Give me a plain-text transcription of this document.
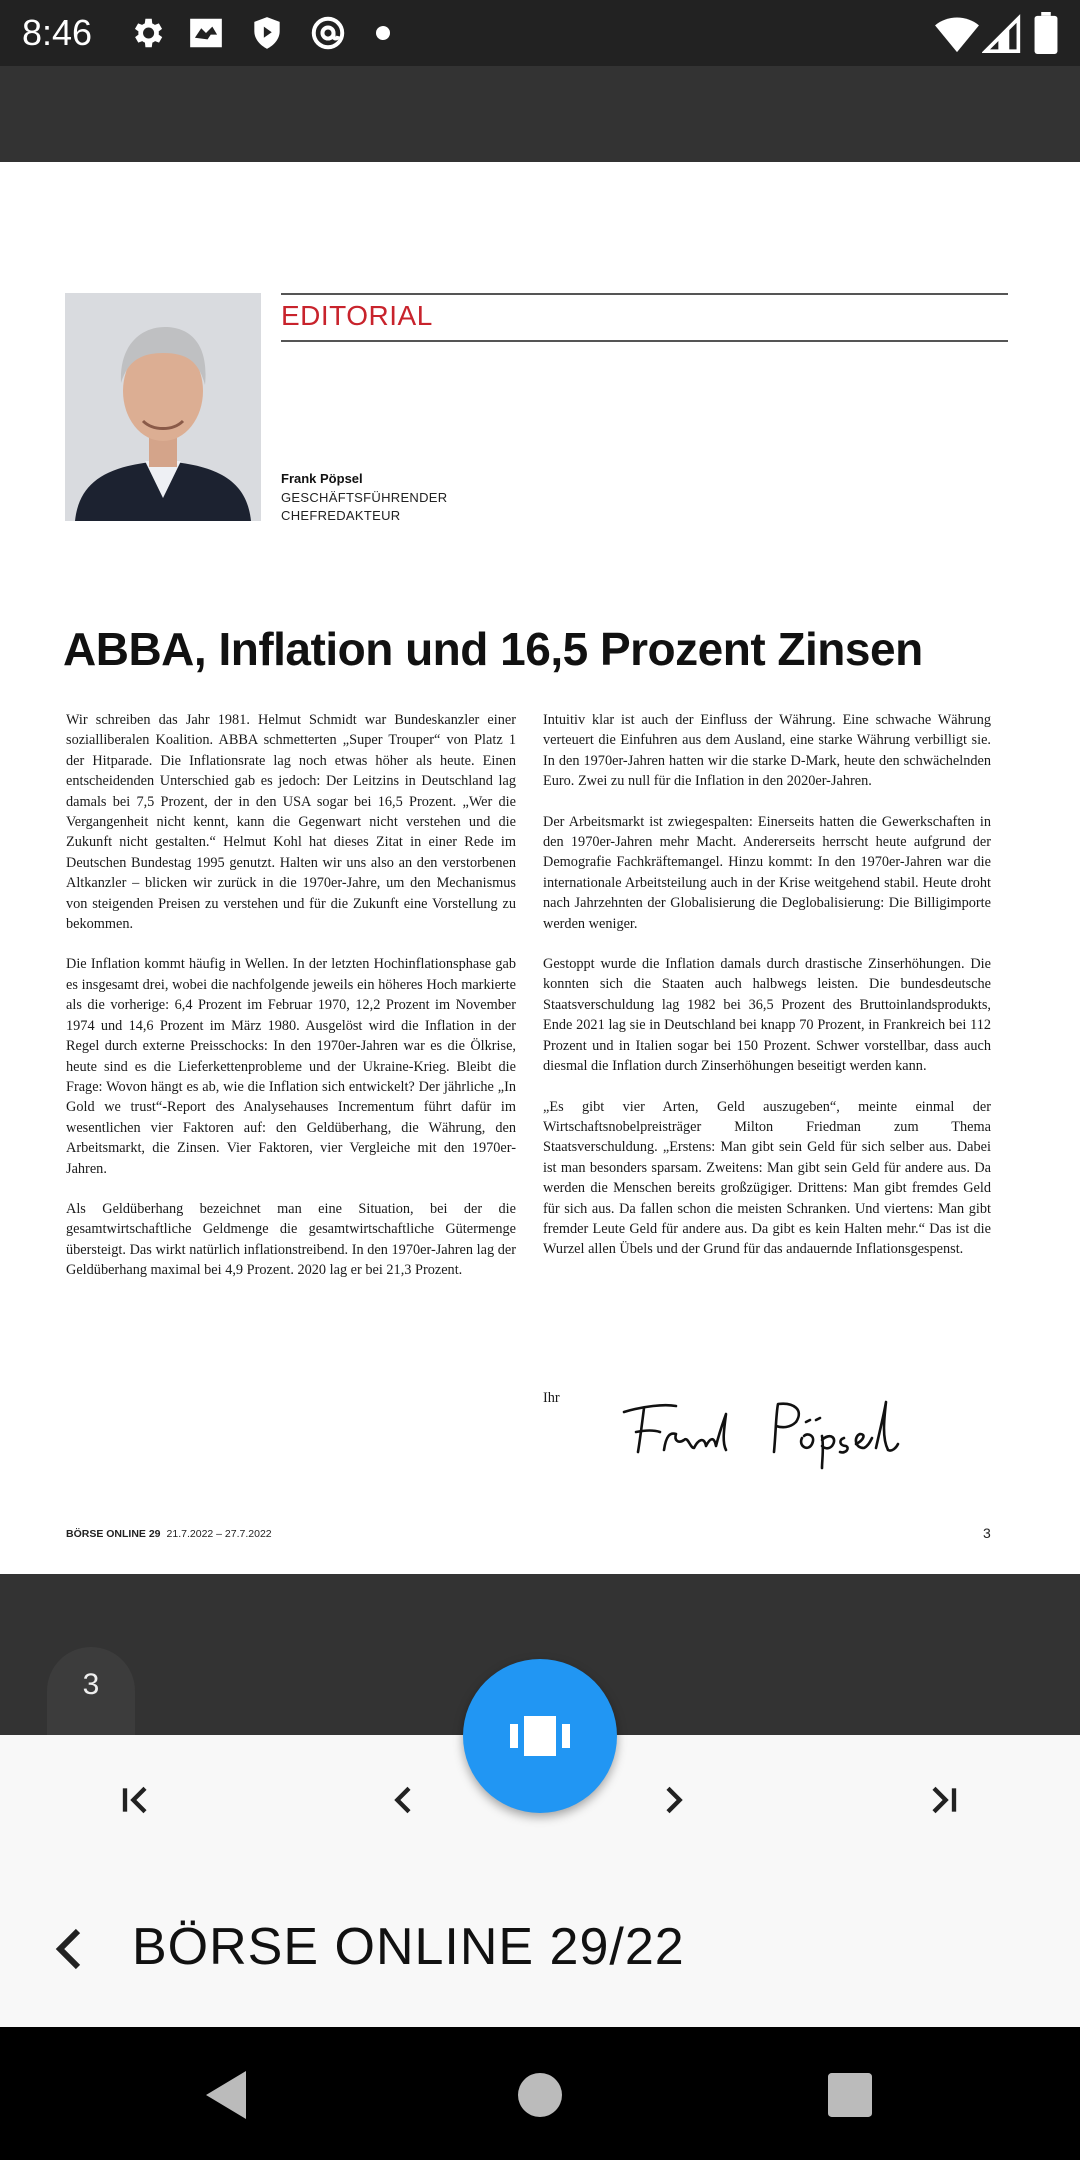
8:46
EDITORIAL
Frank Pöpsel
GESCHÄFTSFÜHRENDER
CHEFREDAKTEUR
ABBA, Inflation und 16,5 Prozent Zinsen

Wir schreiben das Jahr 1981. Helmut Schmidt war Bundeskanzler einer sozialliberalen Koalition. ABBA schmetterten „Super Trouper“ von Platz 1 der Hitparade. Die Inflationsrate lag noch etwas höher als heute. Einen entscheidenden Unterschied gab es jedoch: Der Leitzins in Deutschland lag damals bei 7,5 Prozent, der in den USA sogar bei 16,5 Prozent. „Wer die Vergangenheit nicht kennt, kann die Gegenwart nicht verstehen und die Zukunft nicht gestalten.“ Helmut Kohl hat dieses Zitat in einer Rede im Deutschen Bundestag 1995 genutzt. Halten wir uns also an den verstorbenen Altkanzler – blicken wir zurück in die 1970er-Jahre, um den Mechanismus von steigenden Preisen zu verstehen und für die Zukunft eine Vorstellung zu bekommen.

Die Inflation kommt häufig in Wellen. In der letzten Hochinflationsphase gab es insgesamt drei, wobei die nachfolgende jeweils ein höheres Hoch markierte als die vorherige: 6,4 Prozent im Februar 1970, 12,2 Prozent im November 1974 und 14,6 Prozent im März 1980. Ausgelöst wird die Inflation in der Regel durch externe Preisschocks: In den 1970er-Jahren war es die Ölkrise, heute sind es die Lieferkettenprobleme und der Ukraine-Krieg. Bleibt die Frage: Wovon hängt es ab, wie die Inflation sich entwickelt? Der jährliche „In Gold we trust“-Report des Analysehauses Incrementum führt dafür im wesentlichen vier Faktoren auf: den Geldüberhang, die Währung, den Arbeitsmarkt, die Zinsen. Vier Faktoren, vier Vergleiche mit den 1970er-Jahren.

Als Geldüberhang bezeichnet man eine Situation, bei der die gesamtwirtschaftliche Geldmenge die gesamtwirtschaftliche Gütermenge übersteigt. Das wirkt natürlich inflationstreibend. In den 1970er-Jahren lag der Geldüberhang maximal bei 4,9 Prozent. 2020 lag er bei 21,3 Prozent.

Intuitiv klar ist auch der Einfluss der Währung. Eine schwache Währung verteuert die Einfuhren aus dem Ausland, eine starke Währung verbilligt sie. In den 1970er-Jahren hatten wir die starke D-Mark, heute den schwächelnden Euro. Zwei zu null für die Inflation in den 2020er-Jahren.

Der Arbeitsmarkt ist zwiegespalten: Einerseits hatten die Gewerkschaften in den 1970er-Jahren mehr Macht. Andererseits herrscht heute aufgrund der Demografie Fachkräftemangel. Hinzu kommt: In den 1970er-Jahren war die internationale Arbeitsteilung auch in der Krise weitgehend stabil. Heute droht nach Jahrzehnten der Globalisierung die Deglobalisierung: Die Billigimporte werden weniger.

Gestoppt wurde die Inflation damals durch drastische Zinserhöhungen. Die konnten sich die Staaten auch halbwegs leisten. Die bundesdeutsche Staatsverschuldung lag 1982 bei 36,5 Prozent des Bruttoinlandsprodukts, Ende 2021 lag sie in Deutschland bei knapp 70 Prozent, in Frankreich bei 112 Prozent und in Italien sogar bei 150 Prozent. Schwer vorstellbar, dass auch diesmal die Inflation durch Zinserhöhungen beseitigt werden kann.

„Es gibt vier Arten, Geld auszugeben“, meinte einmal der Wirtschaftsnobelpreisträger Milton Friedman zum Thema Staatsverschuldung. „Erstens: Man gibt sein Geld für sich selber aus. Dabei ist man besonders sparsam. Zweitens: Man gibt sein Geld für andere aus. Da werden die Menschen bereits großzügiger. Drittens: Man gibt fremdes Geld für sich aus. Da fallen schon die meisten Schranken. Und viertens: Man gibt fremder Leute Geld für andere aus. Da gibt es kein Halten mehr.“ Das ist die Wurzel allen Übels und der Grund für das andauernde Inflationsgespenst.

Ihr
BÖRSE ONLINE 29 21.7.2022 – 27.7.2022	3
3
BÖRSE ONLINE 29/22
